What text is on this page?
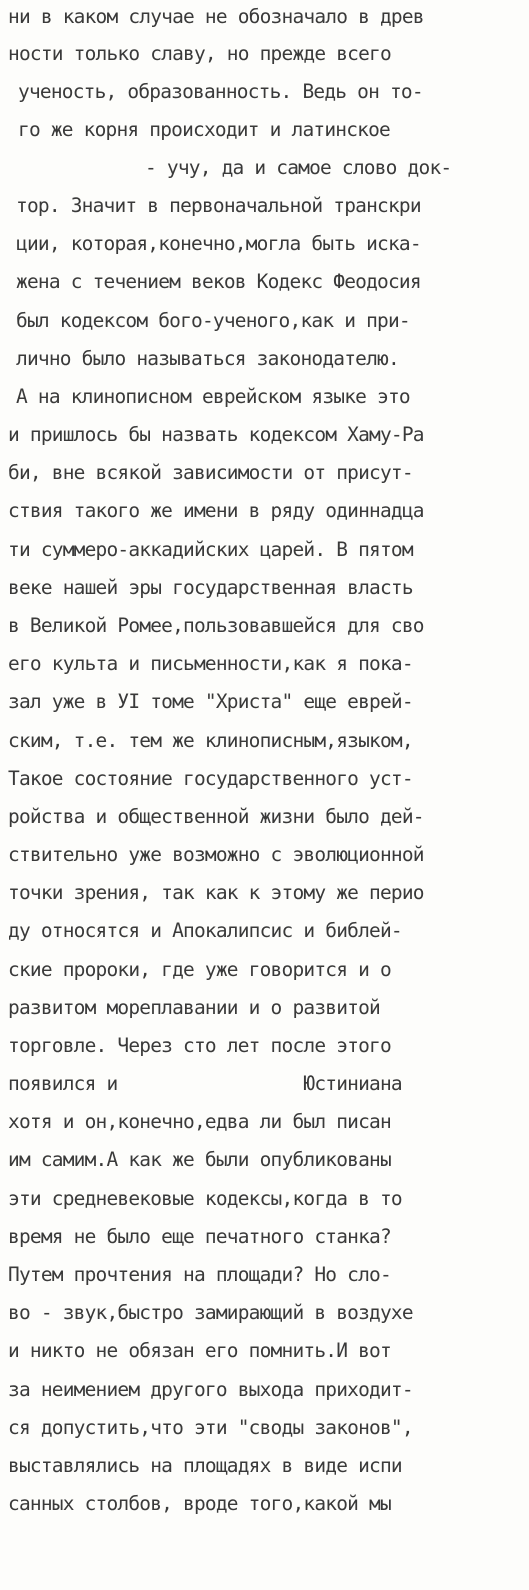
ни в каком случае не обозначало в древ
ности только славу, но прежде всего
ученость, образованность. Ведь он то-
го же корня происходит и латинское
- учу, да и самое слово док-
тор. Значит в первоначальной транскри
ции, которая,конечно,могла быть иска-
жена с течением веков Кодекс Феодосия
был кодексом бого-ученого,как и при-
лично было называться законодателю.
А на клинописном еврейском языке это
и пришлось бы назвать кодексом Хаму-Ра
би, вне всякой зависимости от присут-
ствия такого же имени в ряду одиннадца
ти суммеро-аккадийских царей. В пятом
веке нашей эры государственная власть
в Великой Ромее,пользовавшейся для сво
его культа и письменности,как я пока-
зал уже в УI томе "Христа" еще еврей-
ским, т.е. тем же клинописным,языком,
Такое состояние государственного уст-
ройства и общественной жизни было дей-
ствительно уже возможно с эволюционной
точки зрения, так как к этому же перио
ду относятся и Апокалипсис и библей-
ские пророки, где уже говорится и о
развитом мореплавании и о развитой
торговле. Через сто лет после этого
появился и                 Юстиниана
хотя и он,конечно,едва ли был писан
им самим.А как же были опубликованы
эти средневековые кодексы,когда в то
время не было еще печатного станка?
Путем прочтения на площади? Но сло-
во - звук,быстро замирающий в воздухе
и никто не обязан его помнить.И вот
за неимением другого выхода приходит-
ся допустить,что эти "своды законов",
выставлялись на площадях в виде испи
санных столбов, вроде того,какой мы
